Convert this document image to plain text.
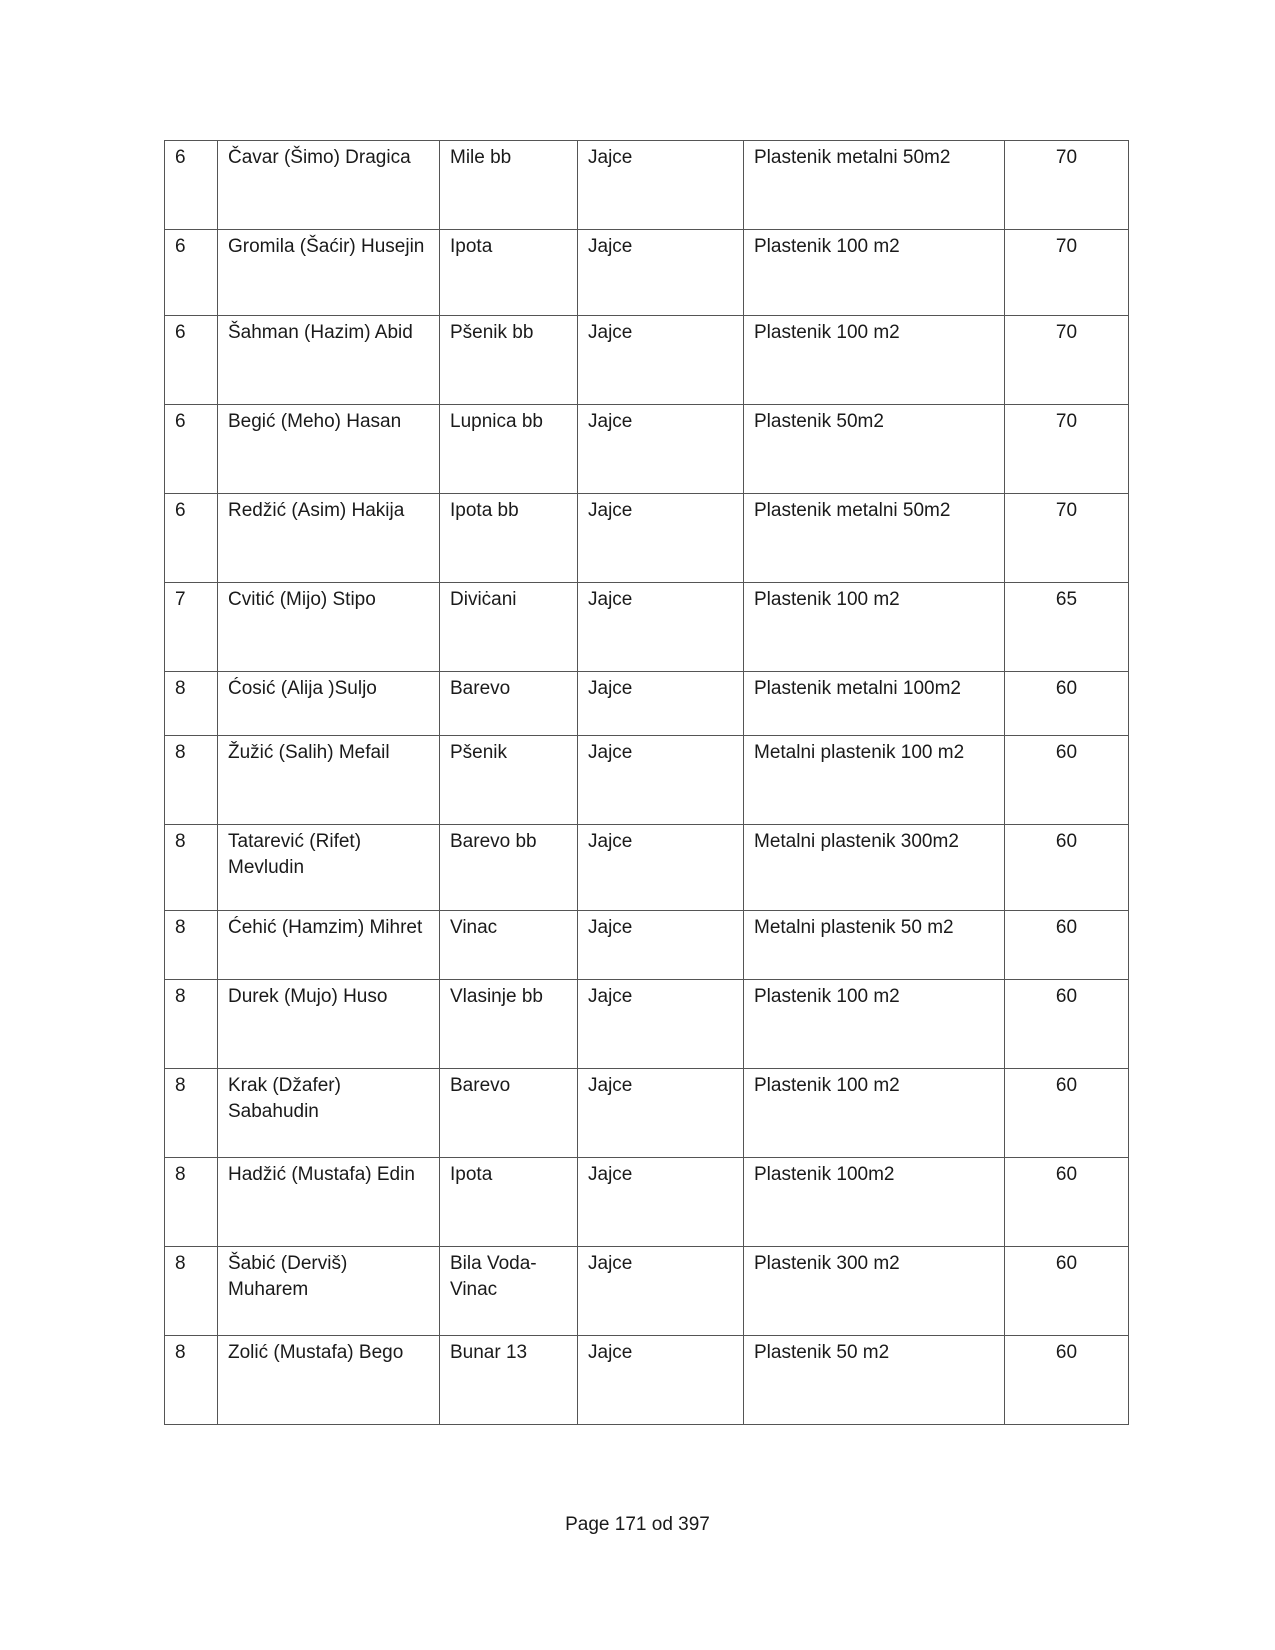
6	Čavar (Šimo) Dragica	Mile bb	Jajce	Plastenik metalni 50m2	70
6	Gromila (Šaćir) Husejin	Ipota	Jajce	Plastenik 100 m2	70
6	Šahman (Hazim) Abid	Pšenik bb	Jajce	Plastenik 100 m2	70
6	Begić (Meho) Hasan	Lupnica bb	Jajce	Plastenik 50m2	70
6	Redžić (Asim) Hakija	Ipota bb	Jajce	Plastenik metalni 50m2	70
7	Cvitić (Mijo) Stipo	Diviċani	Jajce	Plastenik 100 m2	65
8	Ćosić (Alija )Suljo	Barevo	Jajce	Plastenik metalni 100m2	60
8	Žužić (Salih) Mefail	Pšenik	Jajce	Metalni plastenik 100 m2	60
8	Tatarević (Rifet) Mevludin	Barevo bb	Jajce	Metalni plastenik 300m2	60
8	Ćehić (Hamzim) Mihret	Vinac	Jajce	Metalni plastenik 50 m2	60
8	Durek (Mujo) Huso	Vlasinje bb	Jajce	Plastenik 100 m2	60
8	Krak (Džafer) Sabahudin	Barevo	Jajce	Plastenik 100 m2	60
8	Hadžić (Mustafa) Edin	Ipota	Jajce	Plastenik 100m2	60
8	Šabić (Derviš) Muharem	Bila Voda-Vinac	Jajce	Plastenik 300 m2	60
8	Zolić (Mustafa) Bego	Bunar 13	Jajce	Plastenik 50 m2	60
Page 171 od 397
